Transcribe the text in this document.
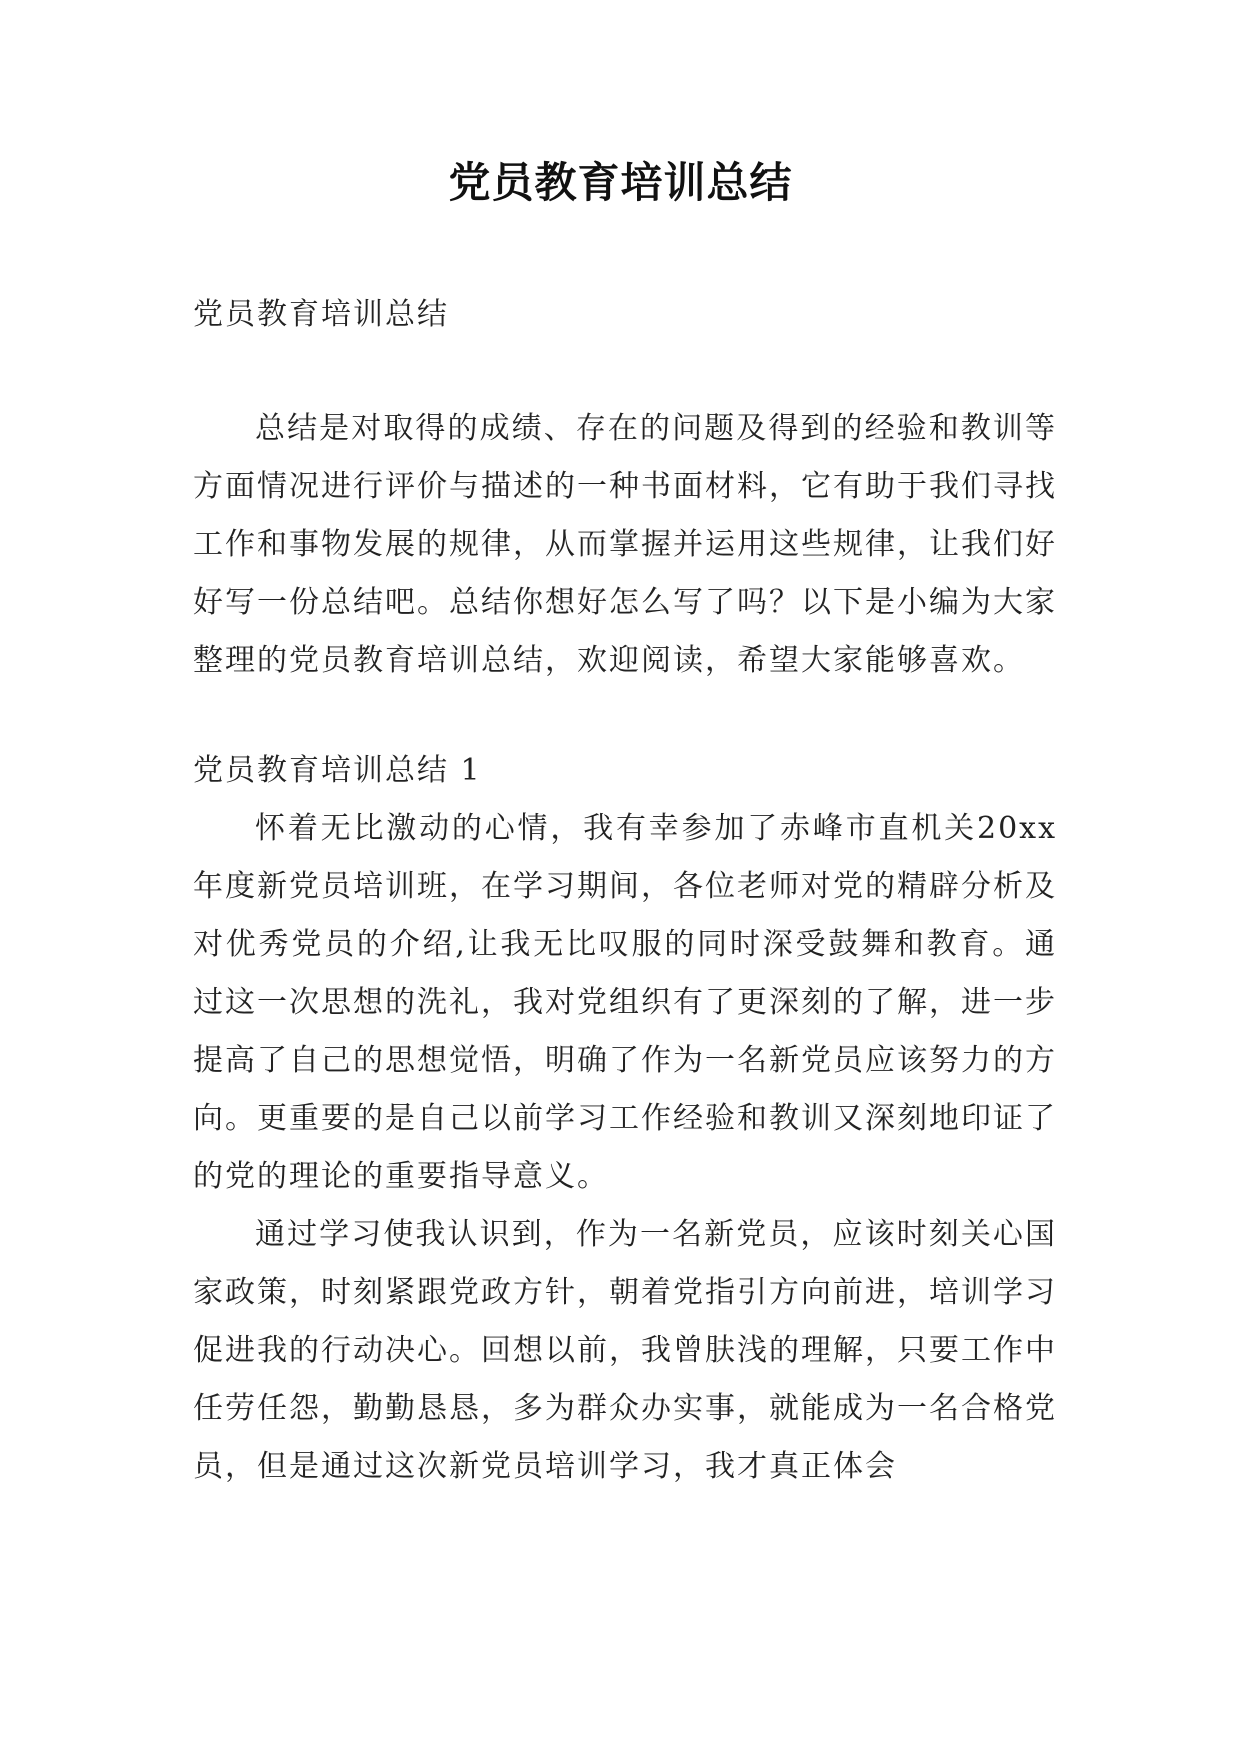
党员教育培训总结

党员教育培训总结

总结是对取得的成绩、存在的问题及得到的经验和教训等方面情况进行评价与描述的一种书面材料，它有助于我们寻找工作和事物发展的规律，从而掌握并运用这些规律，让我们好好写一份总结吧。总结你想好怎么写了吗？以下是小编为大家整理的党员教育培训总结，欢迎阅读，希望大家能够喜欢。

党员教育培训总结 1

怀着无比激动的心情，我有幸参加了赤峰市直机关20xx年度新党员培训班，在学习期间，各位老师对党的精辟分析及对优秀党员的介绍,让我无比叹服的同时深受鼓舞和教育。通过这一次思想的洗礼，我对党组织有了更深刻的了解，进一步提高了自己的思想觉悟，明确了作为一名新党员应该努力的方向。更重要的是自己以前学习工作经验和教训又深刻地印证了的党的理论的重要指导意义。

通过学习使我认识到，作为一名新党员，应该时刻关心国家政策，时刻紧跟党政方针，朝着党指引方向前进，培训学习促进我的行动决心。回想以前，我曾肤浅的理解，只要工作中任劳任怨，勤勤恳恳，多为群众办实事，就能成为一名合格党员，但是通过这次新党员培训学习，我才真正体会
